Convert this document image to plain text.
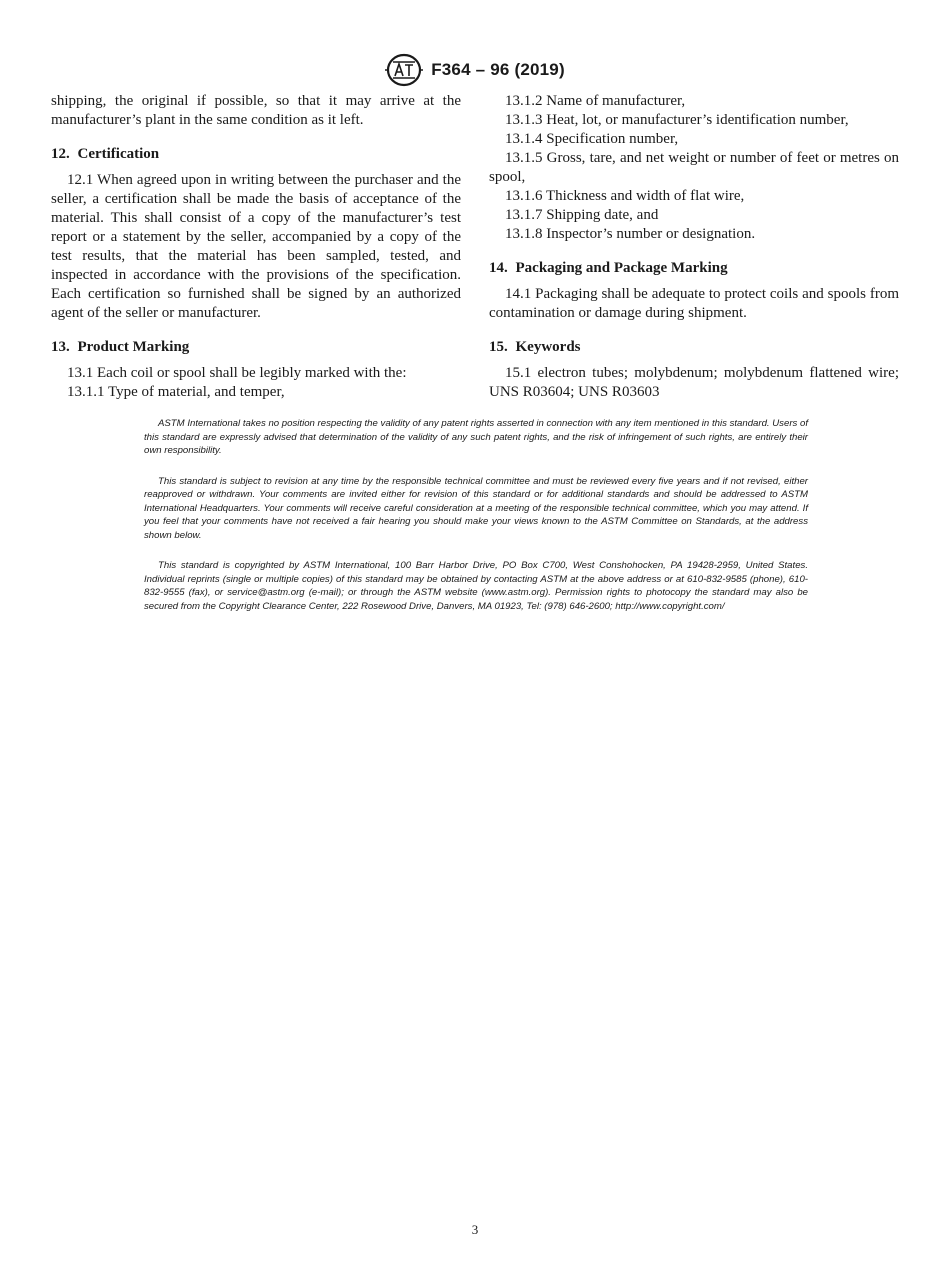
F364 – 96 (2019)

shipping, the original if possible, so that it may arrive at the manufacturer’s plant in the same condition as it left.

12. Certification

12.1 When agreed upon in writing between the purchaser and the seller, a certification shall be made the basis of acceptance of the material. This shall consist of a copy of the manufacturer’s test report or a statement by the seller, accompanied by a copy of the test results, that the material has been sampled, tested, and inspected in accordance with the provisions of the specification. Each certification so furnished shall be signed by an authorized agent of the seller or manufacturer.

13. Product Marking

13.1 Each coil or spool shall be legibly marked with the:

13.1.1 Type of material, and temper,

13.1.2 Name of manufacturer,

13.1.3 Heat, lot, or manufacturer’s identification number,

13.1.4 Specification number,

13.1.5 Gross, tare, and net weight or number of feet or metres on spool,

13.1.6 Thickness and width of flat wire,

13.1.7 Shipping date, and

13.1.8 Inspector’s number or designation.

14. Packaging and Package Marking

14.1 Packaging shall be adequate to protect coils and spools from contamination or damage during shipment.

15. Keywords

15.1 electron tubes; molybdenum; molybdenum flattened wire; UNS R03604; UNS R03603

ASTM International takes no position respecting the validity of any patent rights asserted in connection with any item mentioned in this standard. Users of this standard are expressly advised that determination of the validity of any such patent rights, and the risk of infringement of such rights, are entirely their own responsibility.

This standard is subject to revision at any time by the responsible technical committee and must be reviewed every five years and if not revised, either reapproved or withdrawn. Your comments are invited either for revision of this standard or for additional standards and should be addressed to ASTM International Headquarters. Your comments will receive careful consideration at a meeting of the responsible technical committee, which you may attend. If you feel that your comments have not received a fair hearing you should make your views known to the ASTM Committee on Standards, at the address shown below.

This standard is copyrighted by ASTM International, 100 Barr Harbor Drive, PO Box C700, West Conshohocken, PA 19428-2959, United States. Individual reprints (single or multiple copies) of this standard may be obtained by contacting ASTM at the above address or at 610-832-9585 (phone), 610-832-9555 (fax), or service@astm.org (e-mail); or through the ASTM website (www.astm.org). Permission rights to photocopy the standard may also be secured from the Copyright Clearance Center, 222 Rosewood Drive, Danvers, MA 01923, Tel: (978) 646-2600; http://www.copyright.com/

3
